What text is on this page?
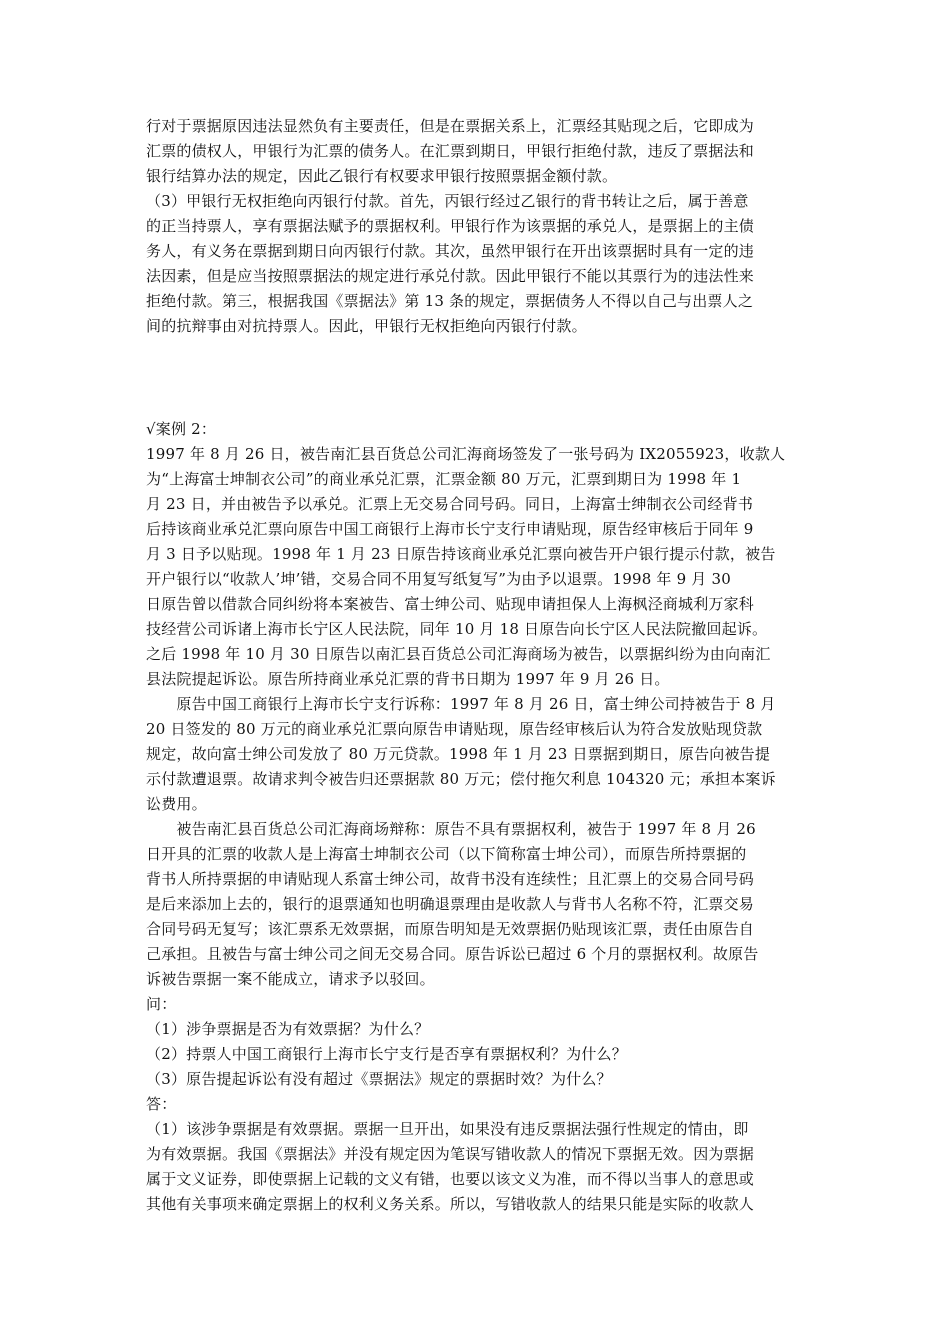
行对于票据原因违法显然负有主要责任，但是在票据关系上，汇票经其贴现之后，它即成为
汇票的债权人，甲银行为汇票的债务人。在汇票到期日，甲银行拒绝付款，违反了票据法和
银行结算办法的规定，因此乙银行有权要求甲银行按照票据金额付款。
（3）甲银行无权拒绝向丙银行付款。首先，丙银行经过乙银行的背书转让之后，属于善意
的正当持票人，享有票据法赋予的票据权利。甲银行作为该票据的承兑人，是票据上的主债
务人，有义务在票据到期日向丙银行付款。其次，虽然甲银行在开出该票据时具有一定的违
法因素，但是应当按照票据法的规定进行承兑付款。因此甲银行不能以其票行为的违法性来
拒绝付款。第三，根据我国《票据法》第 13 条的规定，票据债务人不得以自己与出票人之
间的抗辩事由对抗持票人。因此，甲银行无权拒绝向丙银行付款。
√案例 2：
1997 年 8 月 26 日，被告南汇县百货总公司汇海商场签发了一张号码为 IX2055923，收款人
为“上海富士坤制衣公司”的商业承兑汇票，汇票金额 80 万元，汇票到期日为 1998 年 1
月 23 日，并由被告予以承兑。汇票上无交易合同号码。同日，上海富士绅制衣公司经背书
后持该商业承兑汇票向原告中国工商银行上海市长宁支行申请贴现，原告经审核后于同年 9
月 3 日予以贴现。1998 年 1 月 23 日原告持该商业承兑汇票向被告开户银行提示付款，被告
开户银行以“收款人’坤’错，交易合同不用复写纸复写”为由予以退票。1998 年 9 月 30
日原告曾以借款合同纠纷将本案被告、富士绅公司、贴现申请担保人上海枫泾商城利万家科
技经营公司诉诸上海市长宁区人民法院，同年 10 月 18 日原告向长宁区人民法院撤回起诉。
之后 1998 年 10 月 30 日原告以南汇县百货总公司汇海商场为被告，以票据纠纷为由向南汇
县法院提起诉讼。原告所持商业承兑汇票的背书日期为 1997 年 9 月 26 日。
　　原告中国工商银行上海市长宁支行诉称：1997 年 8 月 26 日，富士绅公司持被告于 8 月
20 日签发的 80 万元的商业承兑汇票向原告申请贴现，原告经审核后认为符合发放贴现贷款
规定，故向富士绅公司发放了 80 万元贷款。1998 年 1 月 23 日票据到期日，原告向被告提
示付款遭退票。故请求判令被告归还票据款 80 万元；偿付拖欠利息 104320 元；承担本案诉
讼费用。
　　被告南汇县百货总公司汇海商场辩称：原告不具有票据权利，被告于 1997 年 8 月 26
日开具的汇票的收款人是上海富士坤制衣公司（以下简称富士坤公司），而原告所持票据的
背书人所持票据的申请贴现人系富士绅公司，故背书没有连续性；且汇票上的交易合同号码
是后来添加上去的，银行的退票通知也明确退票理由是收款人与背书人名称不符，汇票交易
合同号码无复写；该汇票系无效票据，而原告明知是无效票据仍贴现该汇票，责任由原告自
己承担。且被告与富士绅公司之间无交易合同。原告诉讼已超过 6 个月的票据权利。故原告
诉被告票据一案不能成立，请求予以驳回。
问：
（1）涉争票据是否为有效票据？为什么？
（2）持票人中国工商银行上海市长宁支行是否享有票据权利？为什么？
（3）原告提起诉讼有没有超过《票据法》规定的票据时效？为什么？
答：
（1）该涉争票据是有效票据。票据一旦开出，如果没有违反票据法强行性规定的情由，即
为有效票据。我国《票据法》并没有规定因为笔误写错收款人的情况下票据无效。因为票据
属于文义证券，即使票据上记载的文义有错，也要以该文义为准，而不得以当事人的意思或
其他有关事项来确定票据上的权利义务关系。所以，写错收款人的结果只能是实际的收款人
